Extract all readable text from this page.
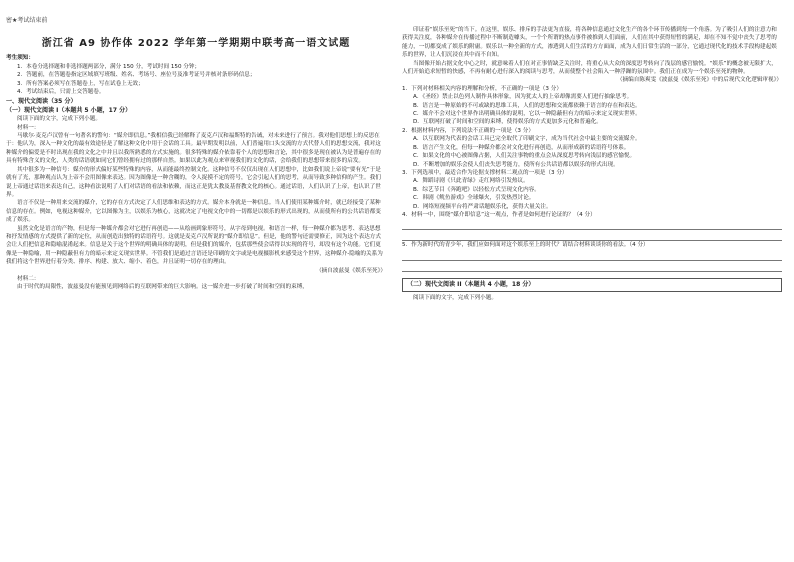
密★考试结束前
浙江省 A9 协作体 2022 学年第一学期期中联考高一语文试题

考生须知：

1．本卷分选择题和非选择题两部分，满分 150 分，考试时间 150 分钟；

2．答题前，在答题卷指定区域填写班级、姓名、考场号、座位号及准考证号并核对条形码信息；

3．所有答案必须写在答题卷上，写在试卷上无效；

4．考试结束后，只需上交答题卷。

一、现代文阅读（35 分）
（一）现代文阅读 I（本题共 5 小题，17 分）

阅读下面的文字，完成下列小题。

材料一：

马歇尔·麦克卢汉曾有一句著名的警句：“媒介即信息。”我相信我已经解释了麦克卢汉和福斯特的告诫，对未来进行了预言。我对他们思想上的反思在于：他认为，深入一种文化的最有效途径是了解这种文化中用于会话的工具。最早期发明以前，人们普遍用口头交流的方式代替人们的思想交流，我对这种媒介的偏爱是不时出现在我的文化之中并且以我所熟悉的方式实施的。很多特殊的媒介依靠着个人的思想和言论，其中很多是现在被认为是普遍存在的具有特殊含义的文化，人类的话语就如同它们曾经拥有过的那样自然。如果以此为观点来审视我们的文化的话，会给我们的思想带来很多的启发。

其中很多为一种信号：媒介的形式偏好某些特殊的内容，从而能最终控制文化。这种信号不仅仅出现在人们思想中，比如我们说上帝说“要有光”于是就有了光，那种观点认为上帝不会用图像来表达。因为图像是一种含糊的，令人捉摸不定的符号，它会引起人们的思考，从而导致多种信仰的产生。我们说上帝通过话语来表达自己，这种看法说明了人们对话语的看法和依赖，而这正是犹太教及基督教文化的核心。通过话语，人们认识了上帝，也认识了世界。

语言不仅是一种用来交流的媒介，它的存在方式决定了人们思维和表达的方式。媒介本身就是一种信息。当人们使用某种媒介时，就已经接受了某种信息的存在。例如，电视这种媒介，它以图像为主，以娱乐为核心，这就决定了电视文化中的一切都是以娱乐的形式出现的，从而使所有的公共话语都变成了娱乐。

虽然文化是语言的产物，但是每一种媒介都会对它进行再创造——从绘画到象形符号，从字母到电视。和语言一样，每一种媒介都为思考、表达思想和抒发情感的方式提供了新的定位，从而创造出独特的话语符号。这就是麦克卢汉所说的“媒介即信息”。但是，他的警句还需要修正，因为这个表达方式会让人们把信息和隐喻混淆起来。信息是关于这个世界的明确具体的说明，但是我们的媒介，包括那些使会话得以实现的符号，却没有这个功能。它们更像是一种隐喻，用一种隐蔽但有力的暗示来定义现实世界。不管我们是通过言语还是印刷的文字或是电视摄影机来感受这个世界，这种媒介-隐喻的关系为我们将这个世界进行着分类、排序、构建、放大、缩小、着色，并且证明一切存在的理由。

（摘自波兹曼《娱乐至死》）

材料二：

由于时代的局限性，波兹曼没有能预见到网络后的互联网带来的巨大影响。这一媒介进一步打破了时间和空间的束缚，

印证着“娱乐至死”的当下。在这里，娱乐、排斥的手法更为直接，将各种信息通过文化生产的各个环节传播到每一个角落。为了吸引人们的注意力和获得关注度，各种媒介在传播过程中不断制造噱头，一个个所谓的热点事件被推到人们面前，人们在其中获得短暂的满足，却在不知不觉中丧失了思考的能力，一切都变成了娱乐的附庸。娱乐以一种全新的方式，渗透到人们生活的方方面面，成为人们日常生活的一部分，它通过现代化的技术手段构建起娱乐的世界，让人们沉浸在其中而不自知。

当图像开始占据文化中心之时，就意味着人们在对正事情缺乏关注时，将重心从大众的深度思考转向了浅层的感官愉悦。“娱乐”的概念被无限扩大，人们开始追求短暂的快感，不再有耐心进行深入的阅读与思考，从而使整个社会陷入一种浮躁的氛围中。我们正在成为一个娱乐至死的物种。

（摘编自陈爽雯《波兹曼《娱乐至死》中的后现代文化逻辑审视》）

1．下列对材料相关内容的理解和分析，不正确的一项是（3 分）

A．《圣经》禁止以色列人制作具体形象，因为犹太人的上帝却像需要人们进行抽象思考。

B．语言是一种原始的不可或缺的思维工具，人们的思想和交流都依赖于语言的存在和表达。

C．媒介不会对这个世界作出明确具体的说明，它以一种隐蔽但有力的暗示来定义现实世界。

D．互联网打破了时间和空间的束缚，使得娱乐的方式更加多元化和普遍化。

2．根据材料内容，下列说法不正确的一项是（3 分）

A．以互联网为代表的会话工具已完全取代了印刷文字，成为当代社会中最主要的交流媒介。

B．语言产生文化，但每一种媒介都会对文化进行再创造，从而形成新的话语符号体系。

C．如果文化的中心被图像占据，人们关注事物的重点会从深度思考转向浅层的感官愉悦。

D．不断增加的娱乐会使人们丧失思考能力，使所有公共话语都以娱乐的形式出现。

3．下列选项中，最适合作为论据支撑材料二观点的一项是（3 分）

A．舞蹈诗剧《只此青绿》走红网络引发热议。

B．综艺节目《奔跑吧》以轻松方式呈现文化内容。

C．韩剧《鱿鱼游戏》全球爆火，引发热烈讨论。

D．网络短视频平台将严肃话题娱乐化，获得大量关注。

4．材料一中，围绕“媒介即信息”这一观点，作者是如何进行论证的？（4 分）

5．作为新时代的青少年，我们应如何面对这个娱乐至上的时代？请结合材料谈谈你的看法。（4 分）

（二）现代文阅读 II（本题共 4 小题，18 分）

阅读下面的文字，完成下列小题。
